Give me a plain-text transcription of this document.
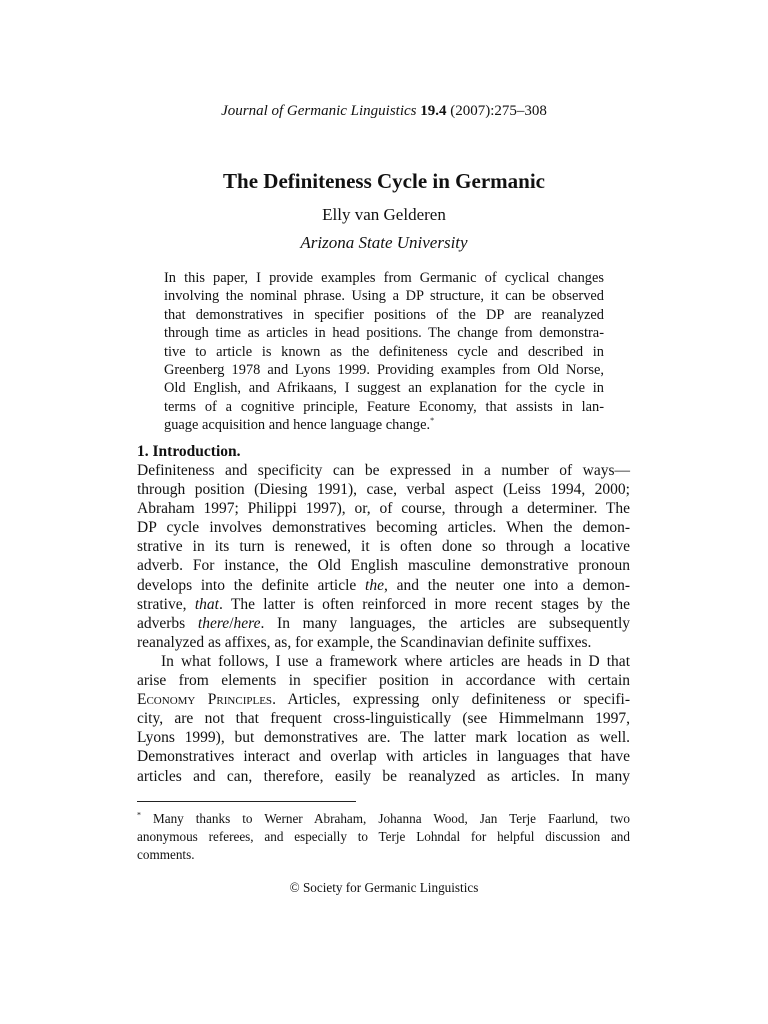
Journal of Germanic Linguistics 19.4 (2007):275–308
The Definiteness Cycle in Germanic
Elly van Gelderen
Arizona State University
In this paper, I provide examples from Germanic of cyclical changes
involving the nominal phrase. Using a DP structure, it can be observed
that demonstratives in specifier positions of the DP are reanalyzed
through time as articles in head positions. The change from demonstra-
tive to article is known as the definiteness cycle and described in
Greenberg 1978 and Lyons 1999. Providing examples from Old Norse,
Old English, and Afrikaans, I suggest an explanation for the cycle in
terms of a cognitive principle, Feature Economy, that assists in lan-
guage acquisition and hence language change.*
1. Introduction.
Definiteness and specificity can be expressed in a number of ways—
through position (Diesing 1991), case, verbal aspect (Leiss 1994, 2000;
Abraham 1997; Philippi 1997), or, of course, through a determiner. The
DP cycle involves demonstratives becoming articles. When the demon-
strative in its turn is renewed, it is often done so through a locative
adverb. For instance, the Old English masculine demonstrative pronoun
develops into the definite article the, and the neuter one into a demon-
strative, that. The latter is often reinforced in more recent stages by the
adverbs there/here. In many languages, the articles are subsequently
reanalyzed as affixes, as, for example, the Scandinavian definite suffixes.
In what follows, I use a framework where articles are heads in D that
arise from elements in specifier position in accordance with certain
Economy Principles. Articles, expressing only definiteness or specifi-
city, are not that frequent cross-linguistically (see Himmelmann 1997,
Lyons 1999), but demonstratives are. The latter mark location as well.
Demonstratives interact and overlap with articles in languages that have
articles and can, therefore, easily be reanalyzed as articles. In many
* Many thanks to Werner Abraham, Johanna Wood, Jan Terje Faarlund, two
anonymous referees, and especially to Terje Lohndal for helpful discussion and
comments.
© Society for Germanic Linguistics
